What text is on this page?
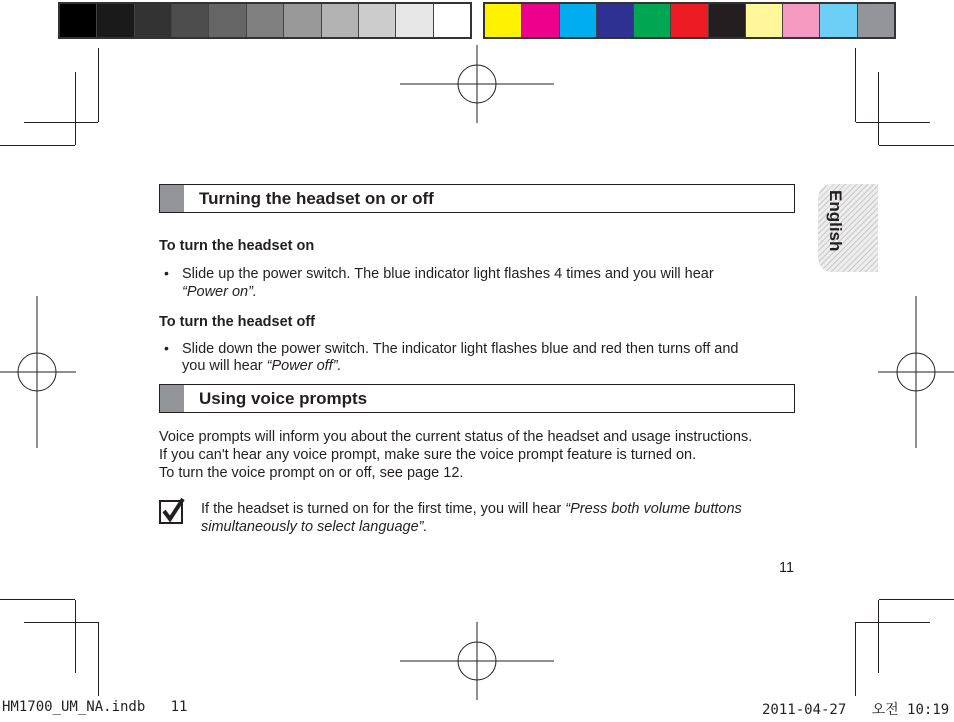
English
Turning the headset on or off
To turn the headset on
• Slide up the power switch. The blue indicator light flashes 4 times and you will hear
“Power on”.
To turn the headset off
• Slide down the power switch. The indicator light flashes blue and red then turns off and
you will hear “Power off”.
Using voice prompts
Voice prompts will inform you about the current status of the headset and usage instructions.
If you can't hear any voice prompt, make sure the voice prompt feature is turned on.
To turn the voice prompt on or off, see page 12.
If the headset is turned on for the first time, you will hear “Press both volume buttons
simultaneously to select language”.
11
HM1700_UM_NA.indb   11	2011-04-27   오전 10:19
